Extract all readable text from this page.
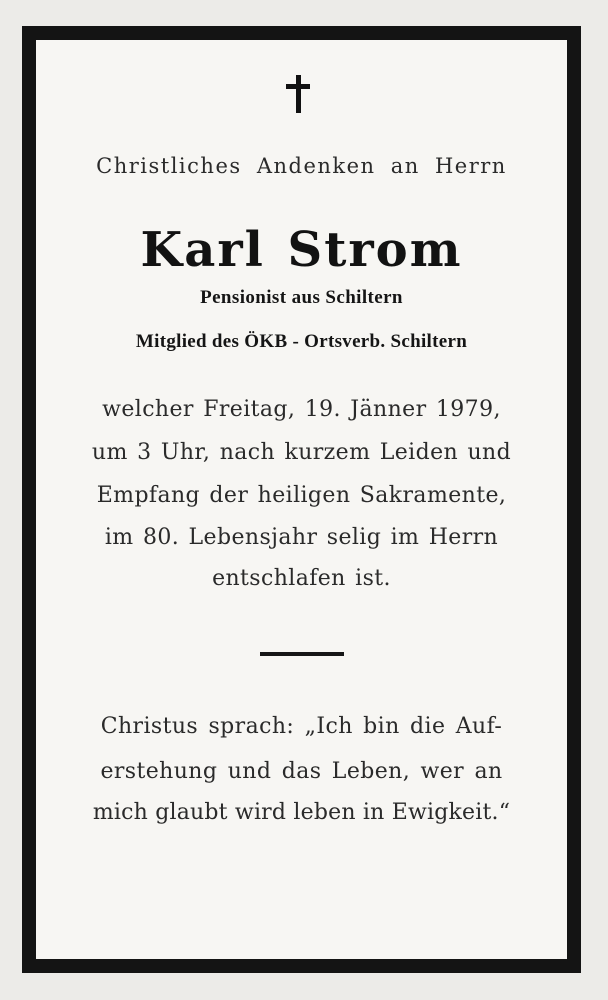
Christliches Andenken an Herrn
Karl Strom
Pensionist aus Schiltern
Mitglied des ÖKB - Ortsverb. Schiltern
welcher Freitag, 19. Jänner 1979,
um 3 Uhr, nach kurzem Leiden und
Empfang der heiligen Sakramente,
im 80. Lebensjahr selig im Herrn
entschlafen ist.
Christus sprach: „Ich bin die Auf-
erstehung und das Leben, wer an
mich glaubt wird leben in Ewigkeit.“
